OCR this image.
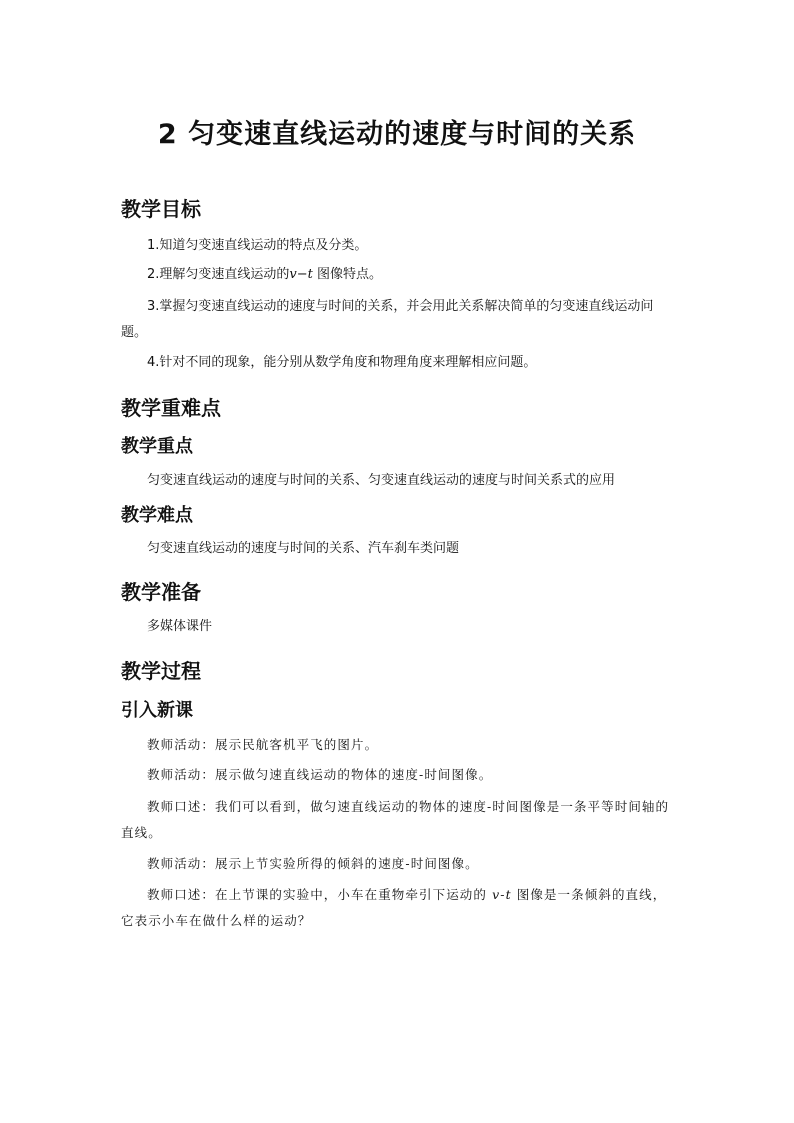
2 匀变速直线运动的速度与时间的关系
教学目标

1.知道匀变速直线运动的特点及分类。

2.理解匀变速直线运动的v−t 图像特点。

3.掌握匀变速直线运动的速度与时间的关系，并会用此关系解决简单的匀变速直线运动问题。

4.针对不同的现象，能分别从数学角度和物理角度来理解相应问题。

教学重难点
教学重点

匀变速直线运动的速度与时间的关系、匀变速直线运动的速度与时间关系式的应用

教学难点

匀变速直线运动的速度与时间的关系、汽车刹车类问题

教学准备

多媒体课件

教学过程
引入新课

教师活动：展示民航客机平飞的图片。

教师活动：展示做匀速直线运动的物体的速度-时间图像。

教师口述：我们可以看到，做匀速直线运动的物体的速度-时间图像是一条平等时间轴的直线。

教师活动：展示上节实验所得的倾斜的速度-时间图像。

教师口述：在上节课的实验中，小车在重物牵引下运动的 v-t 图像是一条倾斜的直线，它表示小车在做什么样的运动？
